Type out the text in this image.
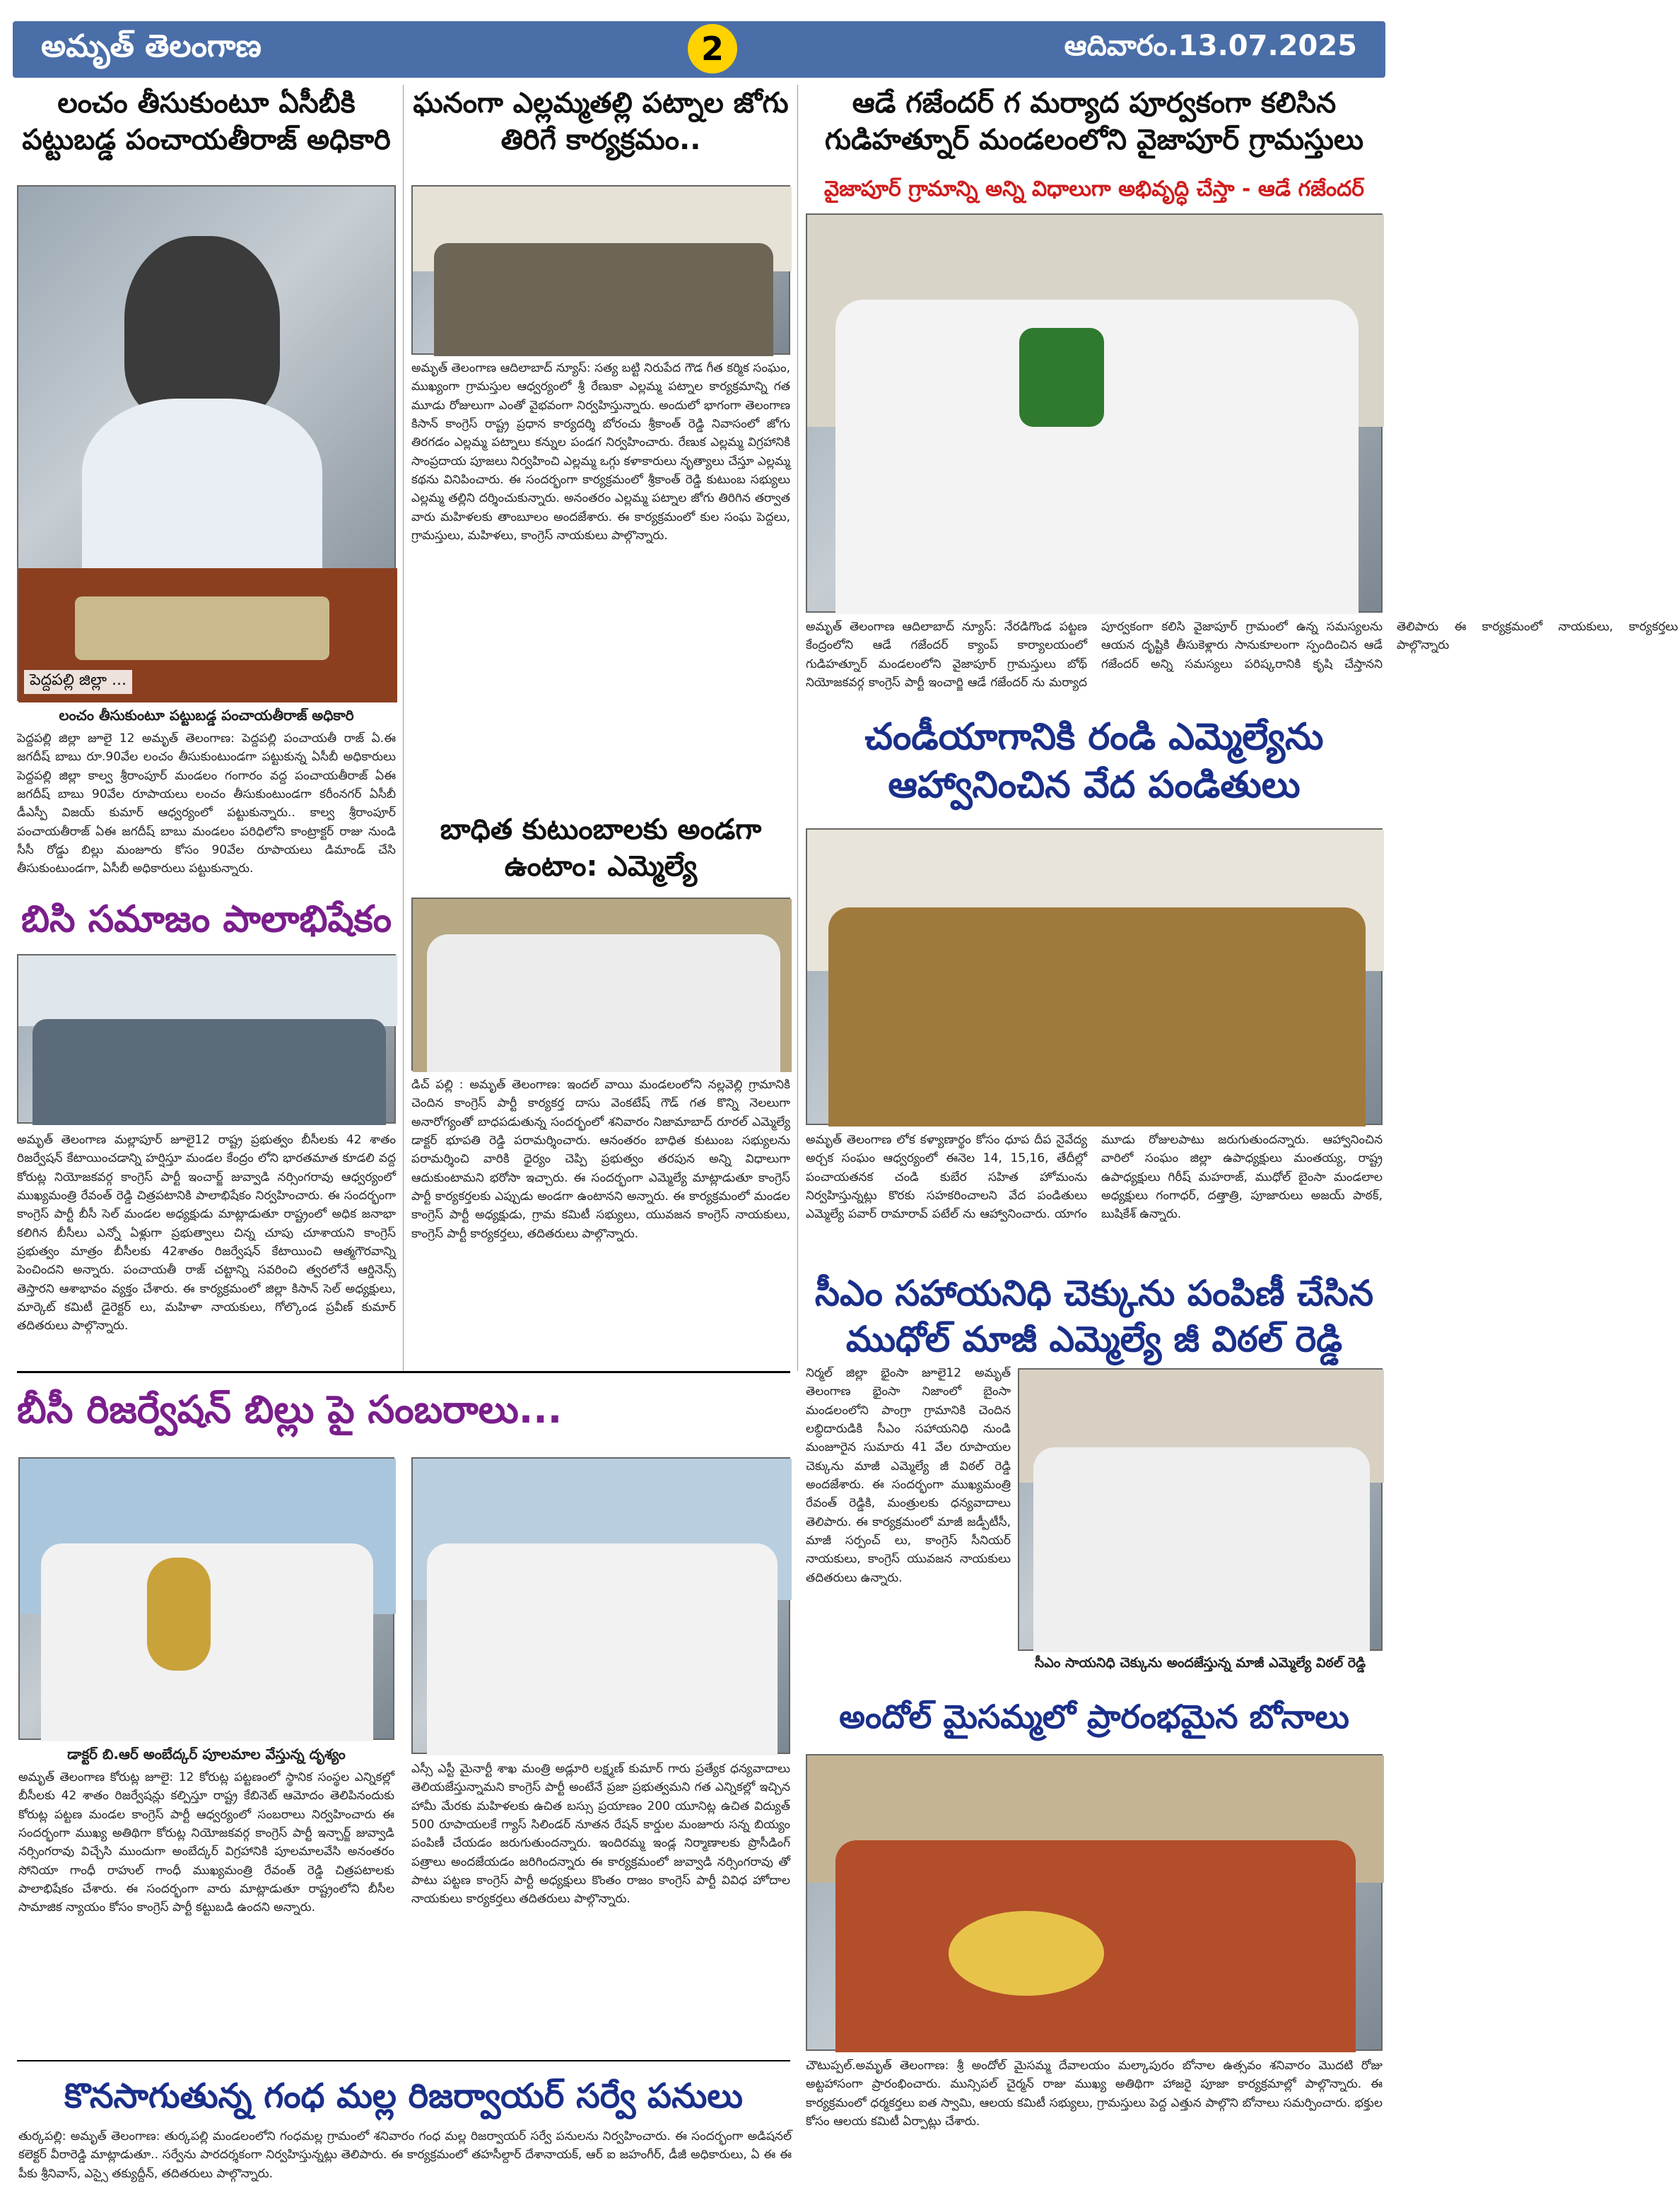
అమృత్ తెలంగాణ	2	ఆదివారం.13.07.2025
లంచం తీసుకుంటూ ఏసీబీకి పట్టుబడ్డ పంచాయతీరాజ్ అధికారి
పెద్దపల్లి జిల్లా ...
లంచం తీసుకుంటూ పట్టుబడ్డ పంచాయతీరాజ్ అధికారి
పెద్దపల్లి జిల్లా జూలై 12 అమృత్ తెలంగాణ: పెద్దపల్లి పంచాయతీ రాజ్ ఏ.ఈ జగదీష్ బాబు రూ.90వేల లంచం తీసుకుంటుండగా పట్టుకున్న ఏసీబీ అధికారులు పెద్దపల్లి జిల్లా కాల్వ శ్రీరాంపూర్ మండలం గంగారం వద్ద పంచాయతీరాజ్ ఏఈ జగదీష్ బాబు 90వేల రూపాయలు లంచం తీసుకుంటుండగా కరీంనగర్ ఏసీబీ డీఎస్పీ విజయ్ కుమార్ ఆధ్వర్యంలో పట్టుకున్నారు.. కాల్వ శ్రీరాంపూర్ పంచాయతీరాజ్ ఏఈ జగదీష్ బాబు మండలం పరిధిలోని కాంట్రాక్టర్ రాజు నుండి సీసీ రోడ్డు బిల్లు మంజూరు కోసం 90వేల రూపాయలు డిమాండ్ చేసి తీసుకుంటుండగా, ఏసీబీ అధికారులు పట్టుకున్నారు.
బిసి సమాజం పాలాభిషేకం
అమృత్ తెలంగాణ మల్లాపూర్ జూలై12 రాష్ట్ర ప్రభుత్వం బీసీలకు 42 శాతం రిజర్వేషన్ కేటాయించడాన్ని హర్షిస్తూ మండల కేంద్రం లోని భారతమాత కూడలి వద్ద కోరుట్ల నియోజకవర్గ కాంగ్రెస్ పార్టీ ఇంచార్జ్ జువ్వాడి నర్సింగరావు ఆధ్వర్యంలో ముఖ్యమంత్రి రేవంత్ రెడ్డి చిత్రపటానికి పాలాభిషేకం నిర్వహించారు. ఈ సందర్భంగా కాంగ్రెస్ పార్టీ బీసీ సెల్ మండల అధ్యక్షుడు మాట్లాడుతూ రాష్ట్రంలో అధిక జనాభా కలిగిన బీసీలు ఎన్నో ఏళ్లుగా ప్రభుత్వాలు చిన్న చూపు చూశాయని కాంగ్రెస్ ప్రభుత్వం మాత్రం బీసీలకు 42శాతం రిజర్వేషన్ కేటాయించి ఆత్మగౌరవాన్ని పెంచిందని అన్నారు. పంచాయతీ రాజ్ చట్టాన్ని సవరించి త్వరలోనే ఆర్డినెన్స్ తెస్తారని ఆశాభావం వ్యక్తం చేశారు. ఈ కార్యక్రమంలో జిల్లా కిసాన్ సెల్ అధ్యక్షులు, మార్కెట్ కమిటీ డైరెక్టర్ లు, మహిళా నాయకులు, గోల్కొండ ప్రవీణ్ కుమార్ తదితరులు పాల్గొన్నారు.
ఘనంగా ఎల్లమ్మతల్లి పట్నాల జోగు తిరిగే కార్యక్రమం..
అమృత్ తెలంగాణ ఆదిలాబాద్ న్యూస్: సత్య బట్టి నిరుపేద గౌడ గీత కర్మిక సంఘం, ముఖ్యంగా గ్రామస్తుల ఆధ్వర్యంలో శ్రీ రేణుకా ఎల్లమ్మ పట్నాల కార్యక్రమాన్ని గత మూడు రోజులుగా ఎంతో వైభవంగా నిర్వహిస్తున్నారు. అందులో భాగంగా తెలంగాణ కిసాన్ కాంగ్రెస్ రాష్ట్ర ప్రధాన కార్యదర్శి బోరంచు శ్రీకాంత్ రెడ్డి నివాసంలో జోగు తిరగడం ఎల్లమ్మ పట్నాలు కన్నుల పండగ నిర్వహించారు. రేణుక ఎల్లమ్మ విగ్రహానికి సాంప్రదాయ పూజలు నిర్వహించి ఎల్లమ్మ ఒగ్గు కళాకారులు నృత్యాలు చేస్తూ ఎల్లమ్మ కథను వినిపించారు. ఈ సందర్భంగా కార్యక్రమంలో శ్రీకాంత్ రెడ్డి కుటుంబ సభ్యులు ఎల్లమ్మ తల్లిని దర్శించుకున్నారు. అనంతరం ఎల్లమ్మ పట్నాల జోగు తిరిగిన తర్వాత వారు మహిళలకు తాంబూలం అందజేశారు. ఈ కార్యక్రమంలో కుల సంఘ పెద్దలు, గ్రామస్తులు, మహిళలు, కాంగ్రెస్ నాయకులు పాల్గొన్నారు.
బాధిత కుటుంబాలకు అండగా ఉంటాం: ఎమ్మెల్యే
డిచ్ పల్లి : అమృత్ తెలంగాణ: ఇందల్ వాయి మండలంలోని నల్లవెల్లి గ్రామానికి చెందిన కాంగ్రెస్ పార్టీ కార్యకర్త దాసు వెంకటేష్ గౌడ్ గత కొన్ని నెలలుగా అనారోగ్యంతో బాధపడుతున్న సందర్భంలో శనివారం నిజామాబాద్ రూరల్ ఎమ్మెల్యే డాక్టర్ భూపతి రెడ్డి పరామర్శించారు. ఆనంతరం బాధిత కుటుంబ సభ్యులను పరామర్శించి వారికి ధైర్యం చెప్పి ప్రభుత్వం తరపున అన్ని విధాలుగా ఆదుకుంటామని భరోసా ఇచ్చారు. ఈ సందర్భంగా ఎమ్మెల్యే మాట్లాడుతూ కాంగ్రెస్ పార్టీ కార్యకర్తలకు ఎప్పుడు అండగా ఉంటానని అన్నారు. ఈ కార్యక్రమంలో మండల కాంగ్రెస్ పార్టీ అధ్యక్షుడు, గ్రామ కమిటీ సభ్యులు, యువజన కాంగ్రెస్ నాయకులు, కాంగ్రెస్ పార్టీ కార్యకర్తలు, తదితరులు పాల్గొన్నారు.
ఆడే గజేందర్ గ మర్యాద పూర్వకంగా కలిసిన గుడిహత్నూర్ మండలంలోని వైజాపూర్ గ్రామస్తులు
వైజాపూర్ గ్రామాన్ని అన్ని విధాలుగా అభివృద్ధి చేస్తా - ఆడే గజేందర్
అమృత్ తెలంగాణ ఆదిలాబాద్ న్యూస్: నేరడిగొండ పట్టణ కేంద్రంలోని ఆడే గజేందర్ క్యాంప్ కార్యాలయంలో గుడిహత్నూర్ మండలంలోని వైజాపూర్ గ్రామస్తులు బోథ్ నియోజకవర్గ కాంగ్రెస్ పార్టీ ఇంచార్జి ఆడే గజేందర్ ను మర్యాద పూర్వకంగా కలిసి వైజాపూర్ గ్రామంలో ఉన్న సమస్యలను ఆయన దృష్టికి తీసుకెళ్లారు సానుకూలంగా స్పందించిన ఆడే గజేందర్ అన్ని సమస్యలు పరిష్కరానికి కృషి చేస్తానని తెలిపారు ఈ కార్యక్రమంలో నాయకులు, కార్యకర్తలు పాల్గొన్నారు
చండీయాగానికి రండి ఎమ్మెల్యేను ఆహ్వానించిన వేద పండితులు
అమృత్ తెలంగాణ లోక కళ్యాణార్థం కోసం ధూప దీప నైవేద్య అర్చక సంఘం ఆధ్వర్యంలో ఈనెల 14, 15,16, తేదీల్లో పంచాయతనక చండి కుబేర సహిత హోమంను నిర్వహిస్తున్నట్లు కొరకు సహకరించాలని వేద పండితులు ఎమ్మెల్యే పవార్ రామారావ్ పటేల్ ను ఆహ్వానించారు. యాగం మూడు రోజులపాటు జరుగుతుందన్నారు. ఆహ్వానించిన వారిలో సంఘం జిల్లా ఉపాధ్యక్షులు మంతయ్య, రాష్ట్ర ఉపాధ్యక్షులు గిరీష్ మహరాజ్, ముధోల్ బైంసా మండలాల అధ్యక్షులు గంగాధర్, దత్తాత్రి, పూజారులు అజయ్ పాఠక్, బుషికేశ్ ఉన్నారు.
సీఎం సహాయనిధి చెక్కును పంపిణీ చేసిన ముధోల్ మాజీ ఎమ్మెల్యే జీ విఠల్ రెడ్డి
నిర్మల్ జిల్లా భైంసా జూలై12 అమృత్ తెలంగాణ భైంసా నిజాంలో బైంసా మండలంలోని పాంగ్రా గ్రామానికి చెందిన లబ్ధిదారుడికి సీఎం సహాయనిధి నుండి మంజూరైన సుమారు 41 వేల రూపాయల చెక్కును మాజీ ఎమ్మెల్యే జీ విఠల్ రెడ్డి అందజేశారు. ఈ సందర్భంగా ముఖ్యమంత్రి రేవంత్ రెడ్డికి, మంత్రులకు ధన్యవాదాలు తెలిపారు. ఈ కార్యక్రమంలో మాజీ జడ్పీటీసీ, మాజీ సర్పంచ్ లు, కాంగ్రెస్ సీనియర్ నాయకులు, కాంగ్రెస్ యువజన నాయకులు తదితరులు ఉన్నారు.
సీఎం సాయనిధి చెక్కును అందజేస్తున్న మాజీ ఎమ్మెల్యే విఠల్ రెడ్డి
బీసీ రిజర్వేషన్ బిల్లు పై సంబరాలు...
డాక్టర్ బి.ఆర్ అంబేద్కర్ పూలమాల వేస్తున్న దృశ్యం
అమృత్ తెలంగాణ కోరుట్ల జూలై: 12 కోరుట్ల పట్టణంలో స్థానిక సంస్థల ఎన్నికల్లో బీసీలకు 42 శాతం రిజర్వేషన్లు కల్పిస్తూ రాష్ట్ర కేబినెట్ ఆమోదం తెలిపినందుకు కోరుట్ల పట్టణ మండల కాంగ్రెస్ పార్టీ ఆధ్వర్యంలో సంబరాలు నిర్వహించారు ఈ సందర్భంగా ముఖ్య అతిథిగా కోరుట్ల నియోజకవర్గ కాంగ్రెస్ పార్టీ ఇన్చార్జ్ జువ్వాడి నర్సింగరావు విచ్చేసి ముందుగా అంబేద్కర్ విగ్రహానికి పూలమాలవేసి అనంతరం సోనియా గాంధీ రాహుల్ గాంధీ ముఖ్యమంత్రి రేవంత్ రెడ్డి చిత్రపటాలకు పాలాభిషేకం చేశారు. ఈ సందర్భంగా వారు మాట్లాడుతూ రాష్ట్రంలోని బీసీల సామాజిక న్యాయం కోసం కాంగ్రెస్ పార్టీ కట్టుబడి ఉందని అన్నారు.
ఎస్సీ ఎస్టీ మైనార్టీ శాఖ మంత్రి అడ్లూరి లక్ష్మణ్ కుమార్ గారు ప్రత్యేక ధన్యవాదాలు తెలియజేస్తున్నామని కాంగ్రెస్ పార్టీ అంటేనే ప్రజా ప్రభుత్వమని గత ఎన్నికల్లో ఇచ్చిన హామీ మేరకు మహిళలకు ఉచిత బస్సు ప్రయాణం 200 యూనిట్ల ఉచిత విద్యుత్ 500 రూపాయలకే గ్యాస్ సిలిండర్ నూతన రేషన్ కార్డుల మంజూరు సన్న బియ్యం పంపిణీ చేయడం జరుగుతుందన్నారు. ఇందిరమ్మ ఇండ్ల నిర్మాణాలకు ప్రొసీడింగ్ పత్రాలు అందజేయడం జరిగిందన్నారు ఈ కార్యక్రమంలో జువ్వాడి నర్సింగరావు తో పాటు పట్టణ కాంగ్రెస్ పార్టీ అధ్యక్షులు కొంతం రాజం కాంగ్రెస్ పార్టీ వివిధ హోదాల నాయకులు కార్యకర్తలు తదితరులు పాల్గొన్నారు.
అందోల్ మైసమ్మలో ప్రారంభమైన బోనాలు
చౌటుప్పల్.అమృత్ తెలంగాణ: శ్రీ అందోల్ మైసమ్మ దేవాలయం మల్కాపురం బోనాల ఉత్సవం శనివారం మొదటి రోజు అట్టహాసంగా ప్రారంభించారు. మున్సిపల్ చైర్మన్ రాజు ముఖ్య అతిథిగా హాజరై పూజా కార్యక్రమాల్లో పాల్గొన్నారు. ఈ కార్యక్రమంలో ధర్మకర్తలు ఐత స్వామి, ఆలయ కమిటీ సభ్యులు, గ్రామస్తులు పెద్ద ఎత్తున పాల్గొని బోనాలు సమర్పించారు. భక్తుల కోసం ఆలయ కమిటీ ఏర్పాట్లు చేశారు.
కొనసాగుతున్న గంధ మల్ల రిజర్వాయర్ సర్వే పనులు
తుర్కపల్లి: అమృత్ తెలంగాణ: తుర్కపల్లి మండలంలోని గంధమల్ల గ్రామంలో శనివారం గంధ మల్ల రిజర్వాయర్ సర్వే పనులను నిర్వహించారు. ఈ సందర్భంగా అడిషనల్ కలెక్టర్ వీరారెడ్డి మాట్లాడుతూ.. సర్వేను పారదర్శకంగా నిర్వహిస్తున్నట్లు తెలిపారు. ఈ కార్యక్రమంలో తహసీల్దార్ దేశానాయక్, ఆర్ ఐ జహంగీర్, డీజీ అధికారులు, ఏ ఈ ఈ పీకు శ్రీనివాస్, ఎస్సై తక్యుద్దీన్, తదితరులు పాల్గొన్నారు.
